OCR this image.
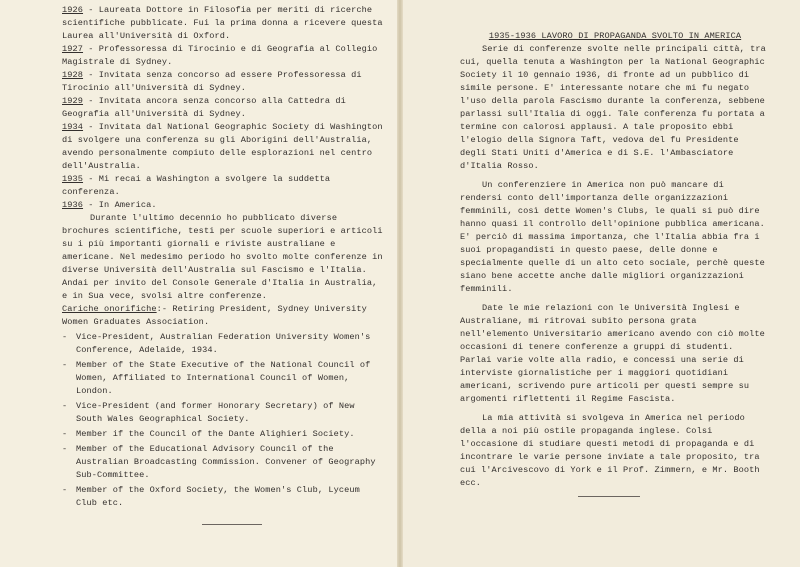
1926 - Laureata Dottore in Filosofia per meriti di ricerche scientifiche pubblicate. Fui la prima donna a ricevere questa Laurea all'Università di Oxford.

1927 - Professoressa di Tirocinio e di Geografia al Collegio Magistrale di Sydney.

1928 - Invitata senza concorso ad essere Professoressa di Tirocinio all'Università di Sydney.

1929 - Invitata ancora senza concorso alla Cattedra di Geografia all'Università di Sydney.

1934 - Invitata dal National Geographic Society di Washington di svolgere una conferenza su gli Aborigini dell'Australia, avendo personalmente compiuto delle esplorazioni nel centro dell'Australia.

1935 - Mi recai a Washington a svolgere la suddetta conferenza.

1936 - In America.

Durante l'ultimo decennio ho pubblicato diverse brochures scientifiche, testi per scuole superiori e articoli su i più importanti giornali e riviste australiane e americane. Nel medesimo periodo ho svolto molte conferenze in diverse Università dell'Australia sul Fascismo e l'Italia. Andai per invito del Console Generale d'Italia in Australia, e in Sua vece, svolsi altre conferenze.

Cariche onorifiche:- Retiring President, Sydney University Women Graduates Association.

-	Vice-President, Australian Federation University Women's Conference, Adelaide, 1934.
-	Member of the State Executive of the National Council of Women, Affiliated to International Council of Women, London.
-	Vice-President (and former Honorary Secretary) of New South Wales Geographical Society.
-	Member if the Council of the Dante Alighieri Society.
-	Member of the Educational Advisory Council of the Australian Broadcasting Commission. Convener of Geography Sub-Committee.
-	Member of the Oxford Society, the Women's Club, Lyceum Club etc.

1935-1936 LAVORO DI PROPAGANDA SVOLTO IN AMERICA

Serie di conferenze svolte nelle principali città, tra cui, quella tenuta a Washington per la National Geographic Society il 10 gennaio 1936, di fronte ad un pubblico di simile persone. E' interessante notare che mi fu negato l'uso della parola Fascismo durante la conferenza, sebbene parlassi sull'Italia di oggi. Tale conferenza fu portata a termine con calorosi applausi. A tale proposito ebbi l'elogio della Signora Taft, vedova del fu Presidente degli Stati Uniti d'America e di S.E. l'Ambasciatore d'Italia Rosso.

Un conferenziere in America non può mancare di rendersi conto dell'importanza delle organizzazioni femminili, così dette Women's Clubs, le quali si può dire hanno quasi il controllo dell'opinione pubblica americana. E' perciò di massima importanza, che l'Italia abbia fra i suoi propagandisti in questo paese, delle donne e specialmente quelle di un alto ceto sociale, perchè queste siano bene accette anche dalle migliori organizzazioni femminili.

Date le mie relazioni con le Università Inglesi e Australiane, mi ritrovai subito persona grata nell'elemento Universitario americano avendo con ciò molte occasioni di tenere conferenze a gruppi di studenti. Parlai varie volte alla radio, e concessi una serie di interviste giornalistiche per i maggiori quotidiani americani, scrivendo pure articoli per questi sempre su argomenti riflettenti il Regime Fascista.

La mia attività si svolgeva in America nel periodo della a noi più ostile propaganda inglese. Colsi l'occasione di studiare questi metodi di propaganda e di incontrare le varie persone inviate a tale proposito, tra cui l'Arcivescovo di York e il Prof. Zimmern, e Mr. Booth ecc.
